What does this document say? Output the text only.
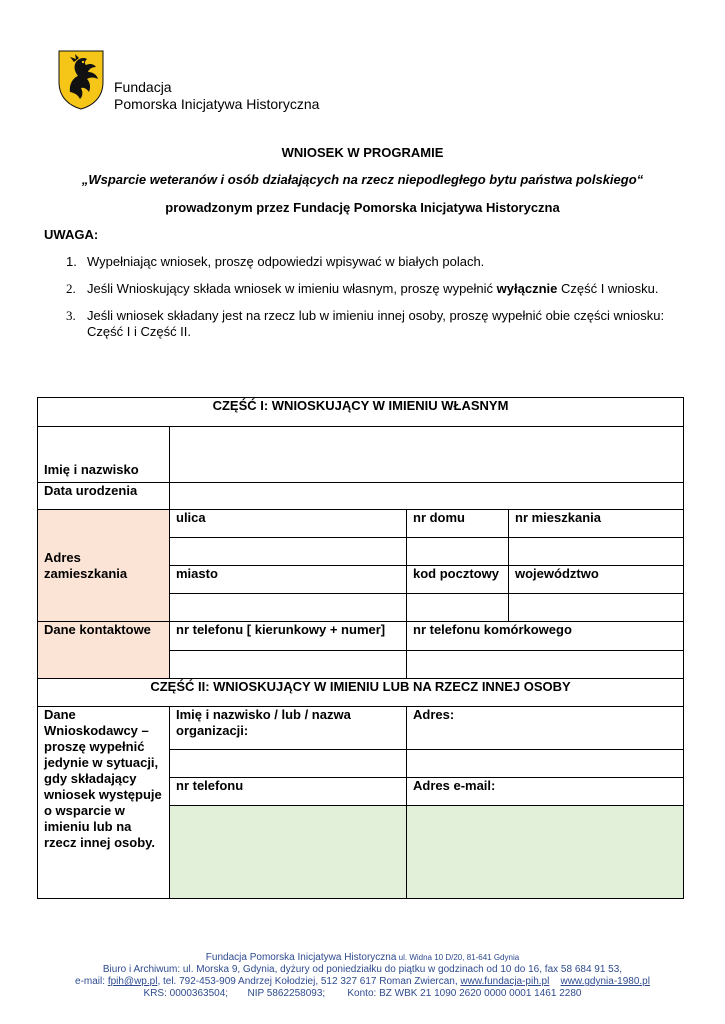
Fundacja
Pomorska Inicjatywa Historyczna
WNIOSEK W PROGRAMIE
„Wsparcie weteranów i osób działających na rzecz niepodległego bytu państwa polskiego“
prowadzonym przez Fundację Pomorska Inicjatywa Historyczna
UWAGA:
1. Wypełniając wniosek, proszę odpowiedzi wpisywać w białych polach.
2. Jeśli Wnioskujący składa wniosek w imieniu własnym, proszę wypełnić wyłącznie Część I wniosku.
3. Jeśli wniosek składany jest na rzecz lub w imieniu innej osoby, proszę wypełnić obie części wniosku: Część I i Część II.
CZĘŚĆ I: WNIOSKUJĄCY W IMIENIU WŁASNYM			
Imię i nazwisko			
Data urodzenia			
Adres zamieszkania	ulica	nr domu	nr mieszkania

	miasto	kod pocztowy	województwo

Dane kontaktowe	nr telefonu [ kierunkowy + numer]	nr telefonu komórkowego	

CZĘŚĆ II: WNIOSKUJĄCY W IMIENIU LUB NA RZECZ INNEJ OSOBY			
Dane Wnioskodawcy – proszę wypełnić jedynie w sytuacji, gdy składający wniosek występuje o wsparcie w imieniu lub na rzecz innej osoby.	Imię i nazwisko / lub / nazwa organizacji:	Adres:	

	nr telefonu	Adres e-mail:	

Fundacja Pomorska Inicjatywa Historyczna ul. Widna 10 D/20, 81-641 Gdynia
Biuro i Archiwum: ul. Morska 9, Gdynia, dyżury od poniedziałku do piątku w godzinach od 10 do 16, fax 58 684 91 53,
e-mail: fpih@wp.pl, tel. 792-453-909 Andrzej Kołodziej, 512 327 617 Roman Zwiercan, www.fundacja-pih.pl www.gdynia-1980.pl
KRS: 0000363504;       NIP 5862258093;        Konto: BZ WBK 21 1090 2620 0000 0001 1461 2280
